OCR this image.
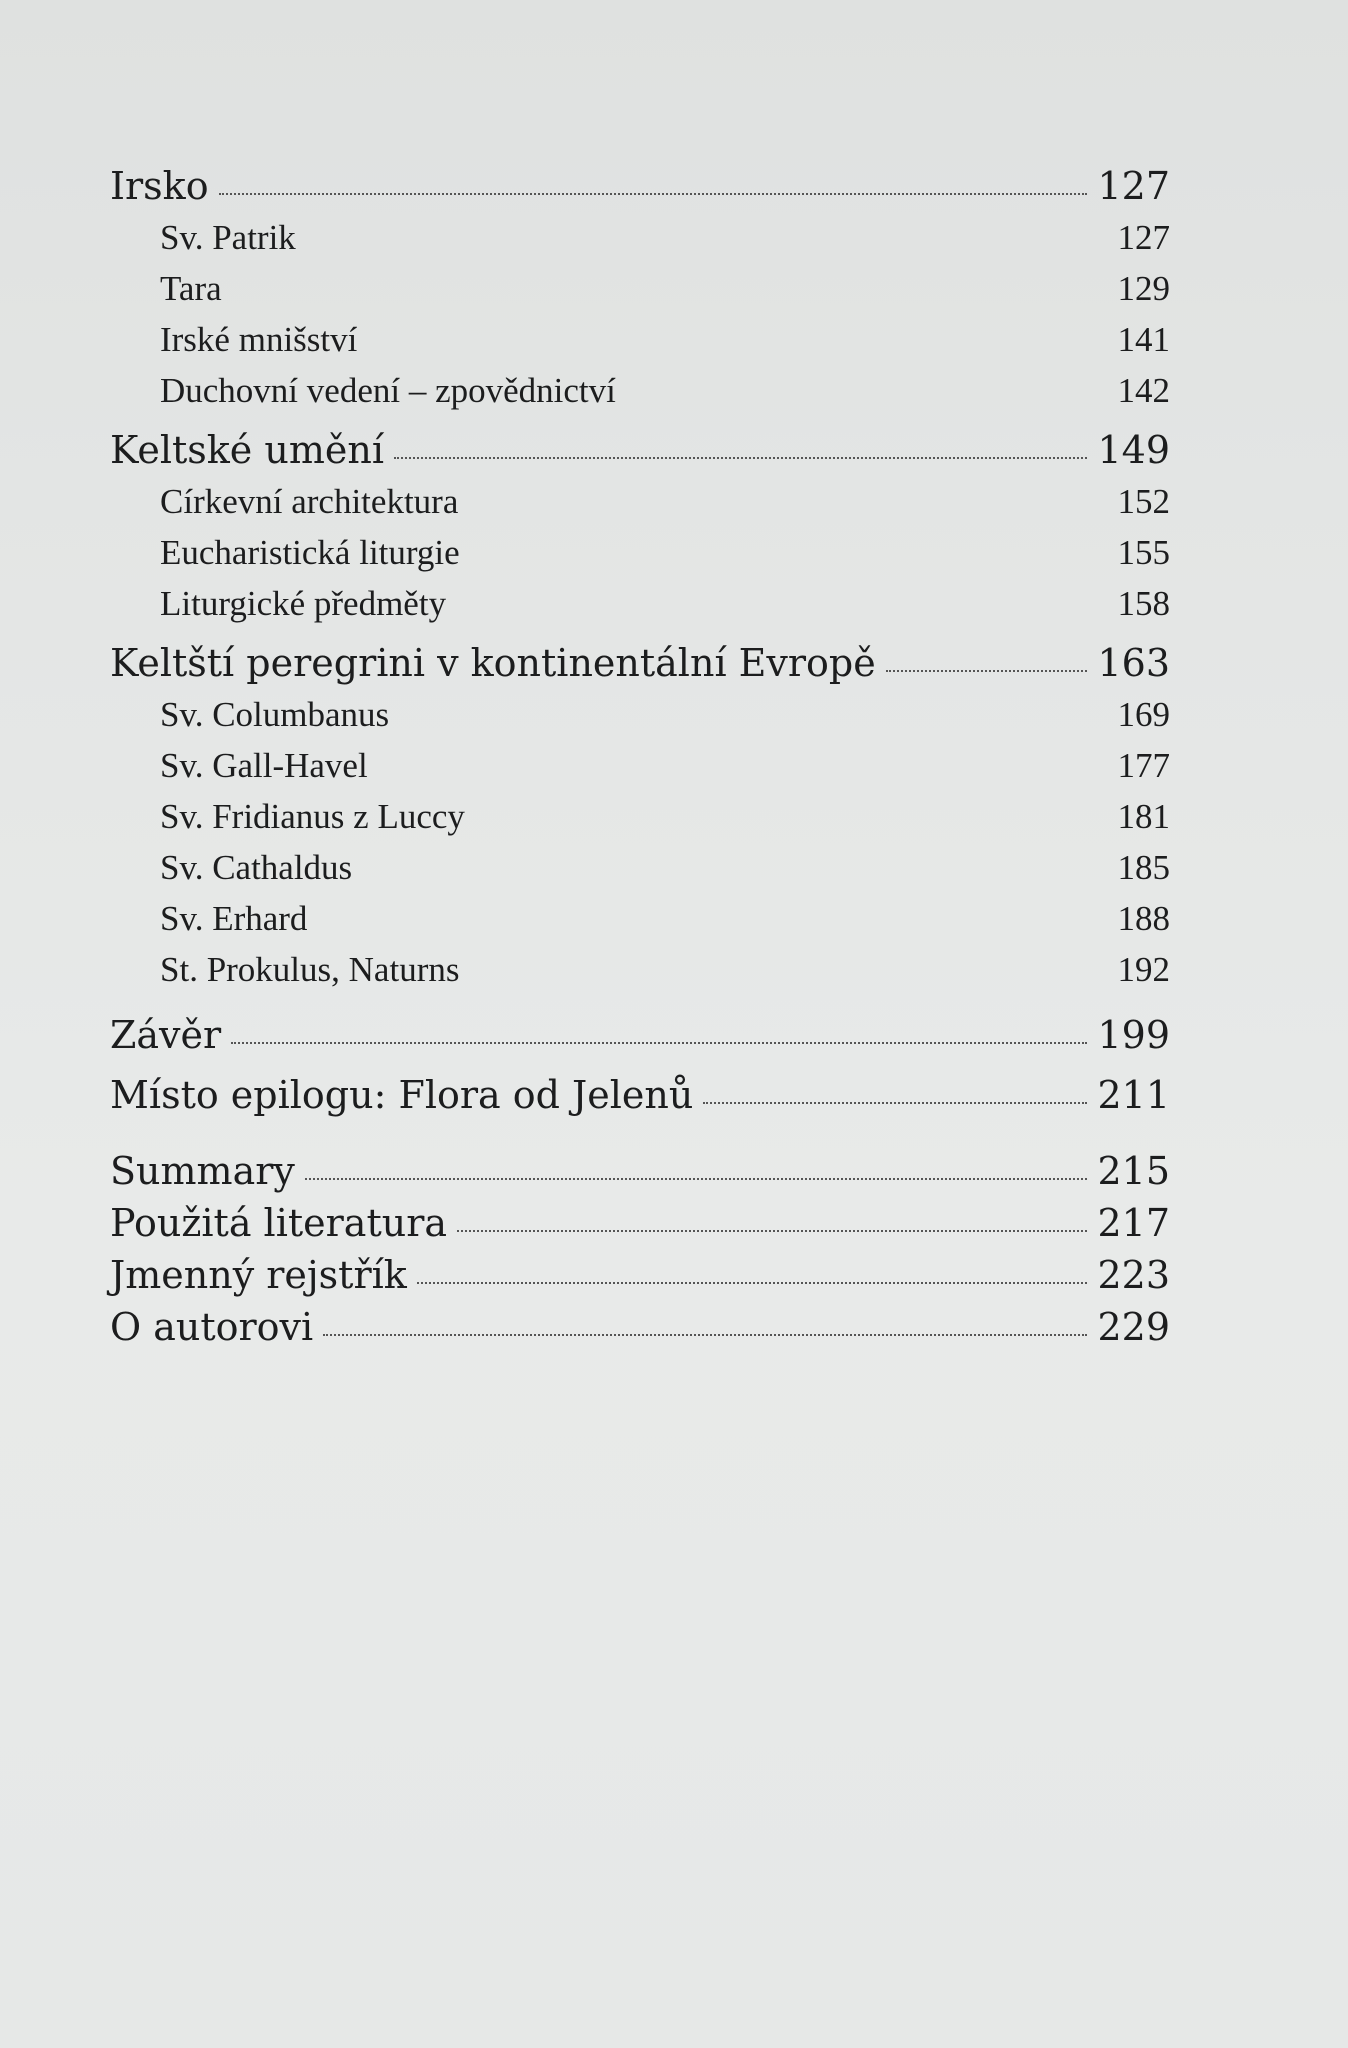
Irsko	127
Sv. Patrik	127
Tara	129
Irské mnišství	141
Duchovní vedení – zpovědnictví	142
Keltské umění	149
Církevní architektura	152
Eucharistická liturgie	155
Liturgické předměty	158
Keltští peregrini v kontinentální Evropě	163
Sv. Columbanus	169
Sv. Gall-Havel	177
Sv. Fridianus z Luccy	181
Sv. Cathaldus	185
Sv. Erhard	188
St. Prokulus, Naturns	192
Závěr	199
Místo epilogu: Flora od Jelenů	211
Summary	215
Použitá literatura	217
Jmenný rejstřík	223
O autorovi	229
